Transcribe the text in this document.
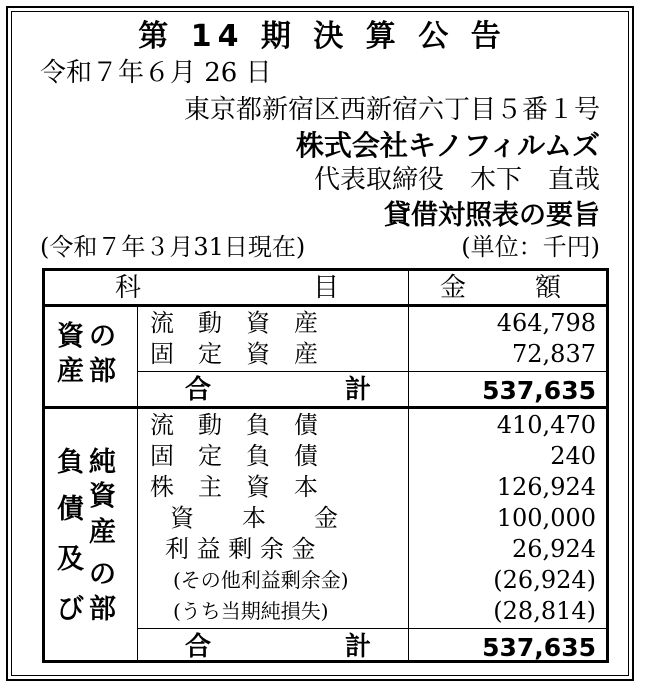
第 14 期 決 算 公 告
令和７年６月 26 日
東京都新宿区西新宿六丁目５番１号
株式会社キノフィルムズ
代表取締役　木下　直哉
貸借対照表の要旨
(令和７年３月31日現在)	(単位：千円)
科	目	金	額
資
産
の
部
流　動　資　産	464,798
固　定　資　産	72,837
合	計	537,635
負
債
及
び
純
資
産
の
部
流　動　負　債	410,470
固　定　負　債	240
株　主　資　本	126,924
資　　本　　金	100,000
利 益 剰 余 金	26,924
(その他利益剰余金)	(26,924)
(うち当期純損失)	(28,814)
合	計	537,635
